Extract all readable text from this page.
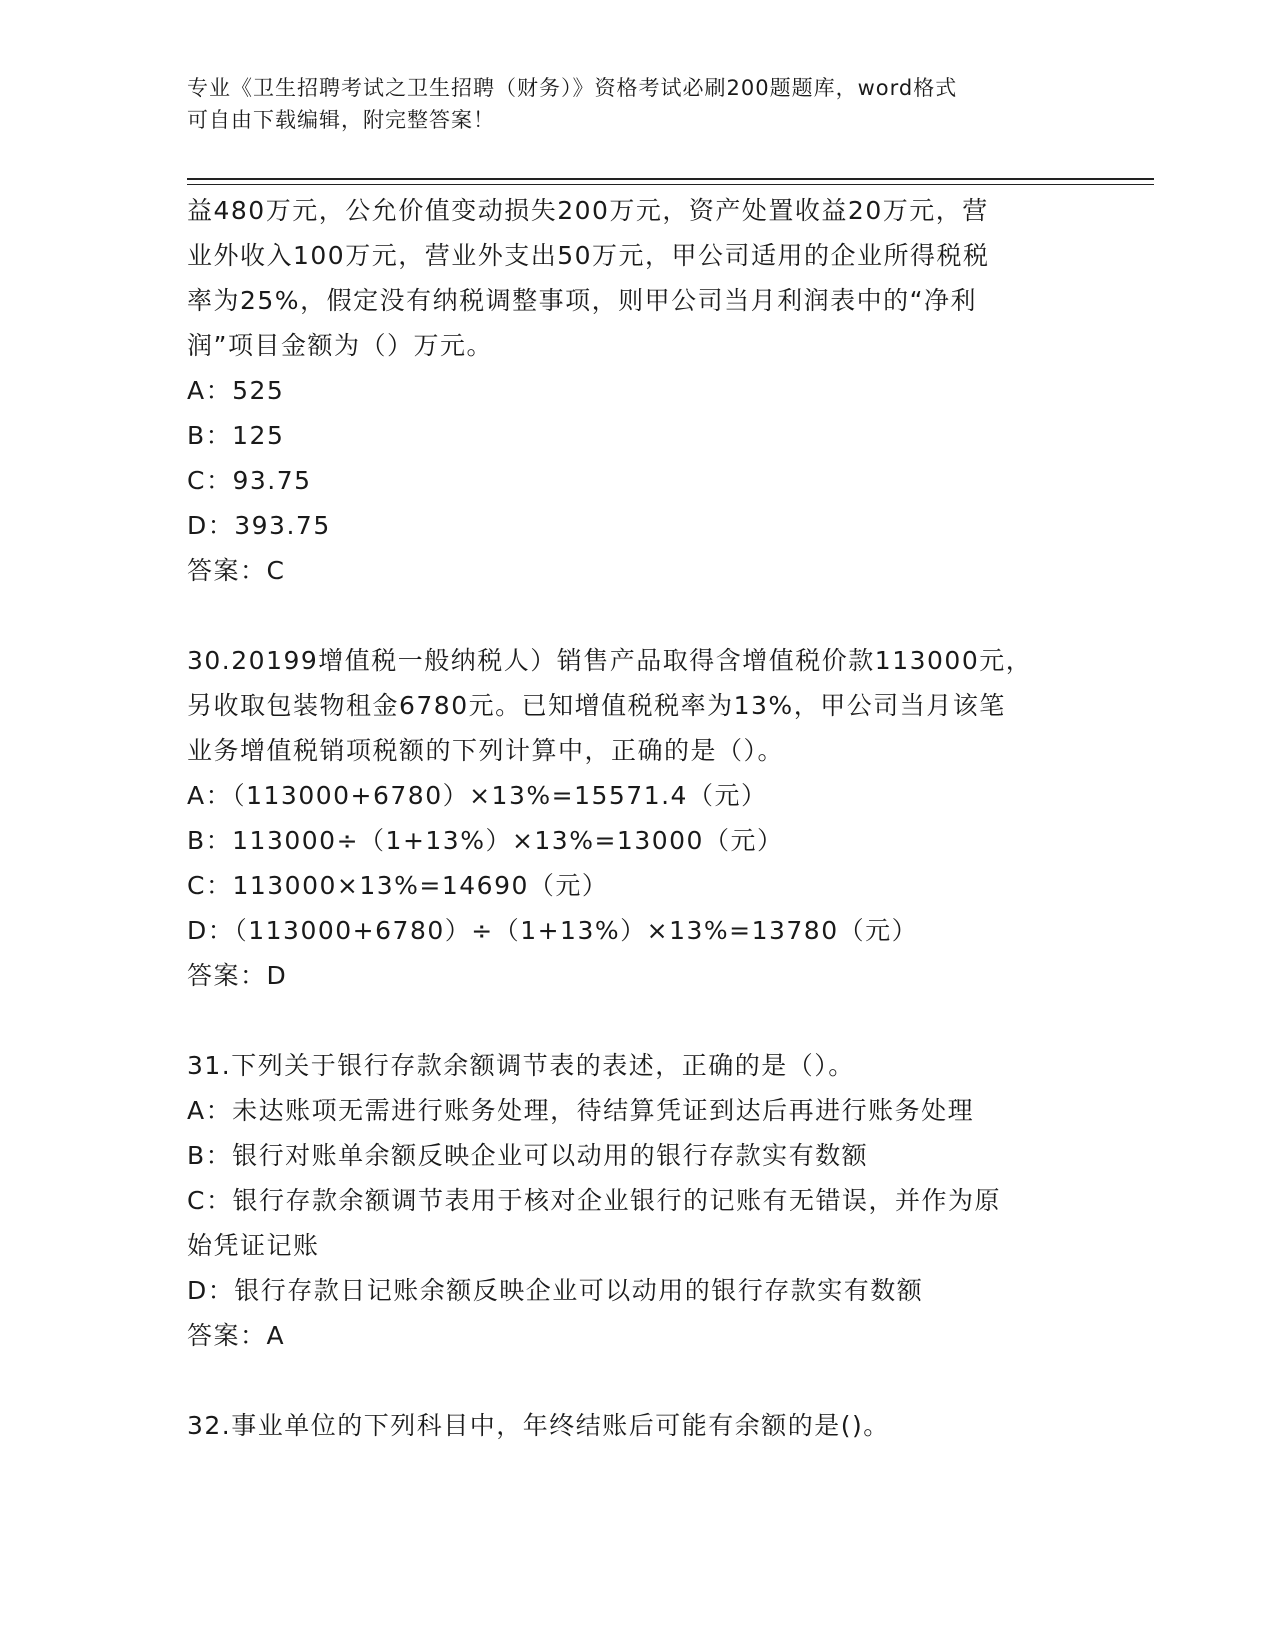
专业《卫生招聘考试之卫生招聘（财务）》资格考试必刷200题题库，word格式
可自由下载编辑，附完整答案！
益480万元，公允价值变动损失200万元，资产处置收益20万元，营
业外收入100万元，营业外支出50万元，甲公司适用的企业所得税税
率为25%，假定没有纳税调整事项，则甲公司当月利润表中的“净利
润”项目金额为（）万元。
A：525
B：125
C：93.75
D：393.75
答案：C
30.20199增值税一般纳税人）销售产品取得含增值税价款113000元，
另收取包装物租金6780元。已知增值税税率为13%，甲公司当月该笔
业务增值税销项税额的下列计算中，正确的是（）。
A：（113000+6780）×13%=15571.4（元）
B：113000÷（1+13%）×13%=13000（元）
C：113000×13%=14690（元）
D：（113000+6780）÷（1+13%）×13%=13780（元）
答案：D
31.下列关于银行存款余额调节表的表述，正确的是（）。
A：未达账项无需进行账务处理，待结算凭证到达后再进行账务处理
B：银行对账单余额反映企业可以动用的银行存款实有数额
C：银行存款余额调节表用于核对企业银行的记账有无错误，并作为原
始凭证记账
D：银行存款日记账余额反映企业可以动用的银行存款实有数额
答案：A
32.事业单位的下列科目中，年终结账后可能有余额的是()。
